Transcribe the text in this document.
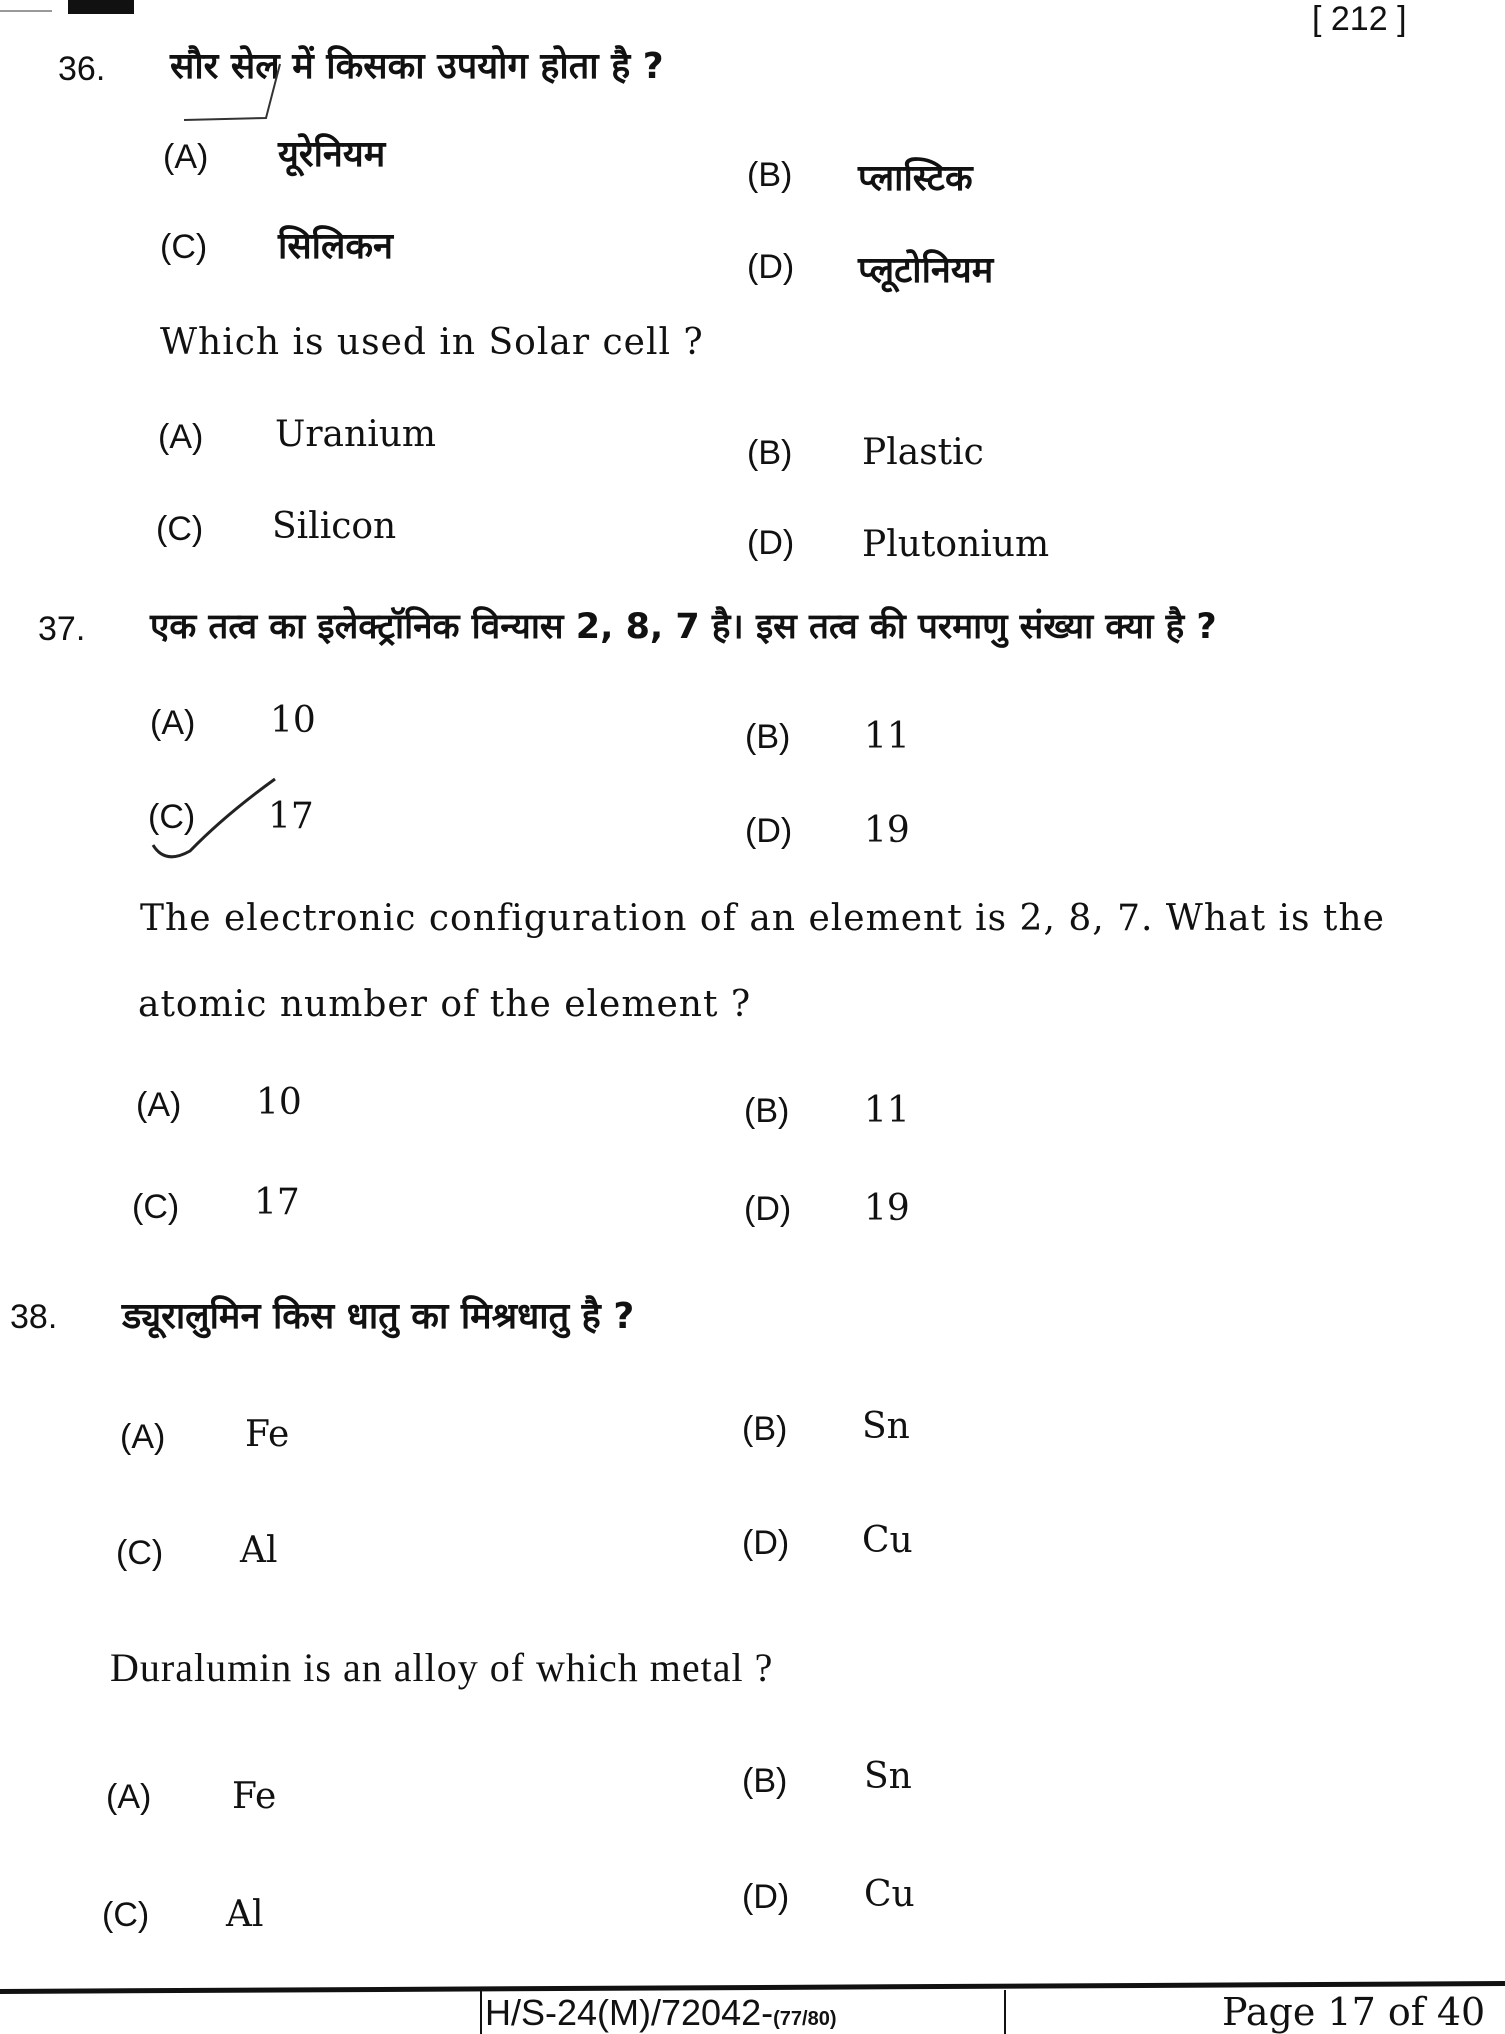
[ 212 ]
36. सौर सेल में किसका उपयोग होता है ?
(A) यूरेनियम	(B) प्लास्टिक
(C) सिलिकन	(D) प्लूटोनियम
Which is used in Solar cell ?
(A) Uranium	(B) Plastic
(C) Silicon	(D) Plutonium
37. एक तत्व का इलेक्ट्रॉनिक विन्यास 2, 8, 7 है। इस तत्व की परमाणु संख्या क्या है ?
(A) 10	(B) 11
(C) 17	(D) 19
The electronic configuration of an element is 2, 8, 7. What is the
atomic number of the element ?
(A) 10	(B) 11
(C) 17	(D) 19
38. ड्यूरालुमिन किस धातु का मिश्रधातु है ?
(A) Fe	(B) Sn
(C) Al	(D) Cu
Duralumin is an alloy of which metal ?
(A) Fe	(B) Sn
(C) Al	(D) Cu
H/S-24(M)/72042-(77/80)	Page 17 of 40
